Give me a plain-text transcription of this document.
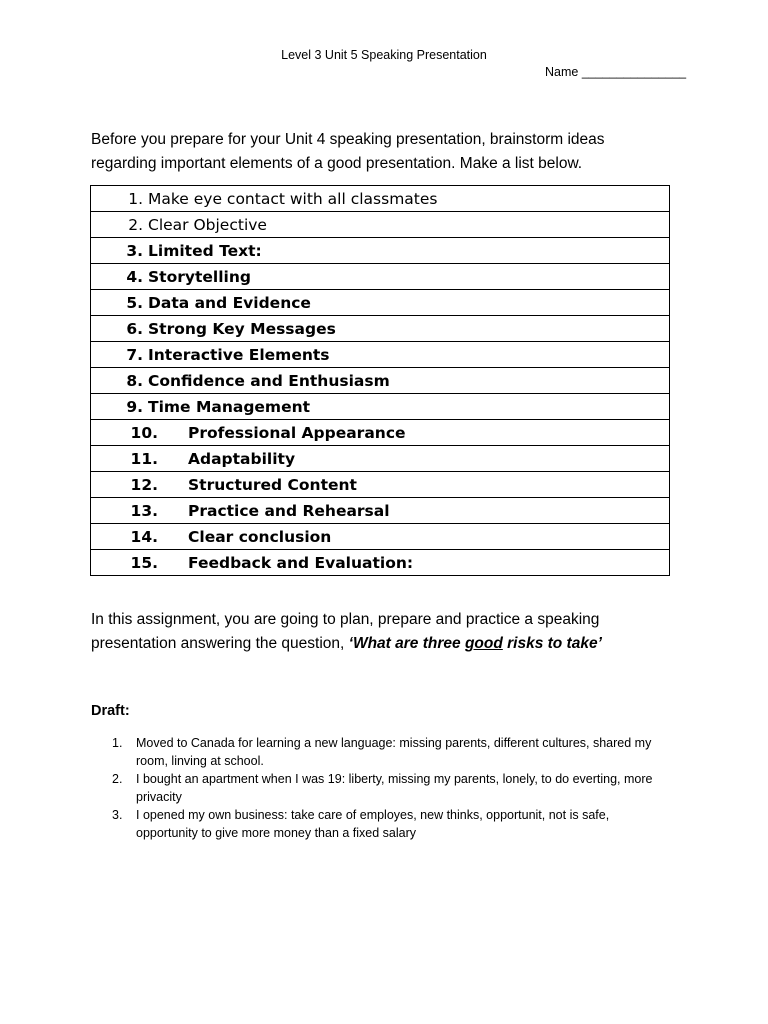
Level 3 Unit 5 Speaking Presentation
Name _______________
Before you prepare for your Unit 4 speaking presentation, brainstorm ideas
regarding important elements of a good presentation. Make a list below.
1. Make eye contact with all classmates
2. Clear Objective
3. Limited Text:
4. Storytelling
5. Data and Evidence
6. Strong Key Messages
7. Interactive Elements
8. Confidence and Enthusiasm
9. Time Management
10. Professional Appearance
11. Adaptability
12. Structured Content
13. Practice and Rehearsal
14. Clear conclusion
15. Feedback and Evaluation:
In this assignment, you are going to plan, prepare and practice a speaking
presentation answering the question, ‘What are three good risks to take’
Draft:
1. Moved to Canada for learning a new language: missing parents, different cultures, shared my
room, linving at school.
2. I bought an apartment when I was 19: liberty, missing my parents, lonely, to do everting, more
privacity
3. I opened my own business: take care of employes, new thinks, opportunit, not is safe,
opportunity to give more money than a fixed salary
